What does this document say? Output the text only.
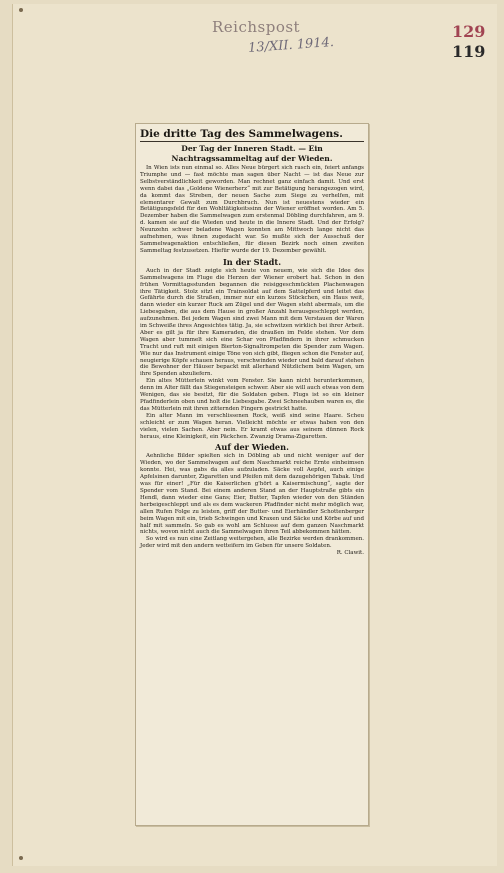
Reichspost
13/XII. 1914.
129
119
Die dritte Tag des Sammelwagens.
Der Tag der Inneren Stadt. — Ein Nachtragssammeltag auf der Wieden.

In Wien ists nun einmal so. Alles Neue bürgert sich rasch ein, feiert anfangs Triumphe und — fast möchte man sagen über Nacht — ist das Neue zur Selbstverständlichkeit geworden. Man rechnet ganz einfach damit. Und erst wenn dabei das „Goldene Wienerherz“ mit zur Betätigung herangezogen wird, da kommt das Streben, der neuen Sache zum Siege zu verhelfen, mit elementarer Gewalt zum Durchbruch. Nun ist neuestens wieder ein Betätigungsfeld für den Wohltätigkeitssinn der Wiener eröffnet worden. Am 5. Dezember haben die Sammelwagen zum erstenmal Döbling durchfahren, am 9. d. kamen sie auf die Wieden und heute in die Innere Stadt. Und der Erfolg? Neunzehn schwer beladene Wagen konnten am Mittwoch lange nicht das aufnehmen, was ihnen zugedacht war. So mußte sich der Ausschuß der Sammelwagenaktion entschließen, für diesen Bezirk noch einen zweiten Sammeltag festzusetzen. Hiefür wurde der 19. Dezember gewählt.

In der Stadt.

Auch in der Stadt zeigte sich heute von neuem, wie sich die Idee des Sammelwagens im Fluge die Herzen der Wiener erobert hat. Schon in den frühen Vormittagsstunden begannen die reisiggeschmückten Plachenwagen ihre Tätigkeit. Stolz sitzt ein Trainsoldat auf dem Sattelpferd und leitet das Gefährte durch die Straßen, immer nur ein kurzes Stückchen, ein Haus weit, dann wieder ein kurzer Ruck am Zügel und der Wagen steht abermals, um die Liebesgaben, die aus dem Hause in großer Anzahl herausgeschleppt werden, aufzunehmen. Bei jedem Wagen sind zwei Mann mit dem Verstauen der Waren im Schweiße ihres Angesichtes tätig. Ja, sie schwitzen wirklich bei ihrer Arbeit. Aber es gilt ja für ihre Kameraden, die draußen im Felde stehen. Vor dem Wagen aber tummelt sich eine Schar von Pfadfindern in ihrer schmucken Tracht und ruft mit einigen Bierton-Signaltrompeten die Spender zum Wagen. Wie nur das Instrument einige Töne von sich gibt, fliegen schon die Fenster auf, neugierige Köpfe schauen heraus, verschwinden wieder und bald darauf stehen die Bewohner der Häuser bepackt mit allerhand Nützlichem beim Wagen, um ihre Spenden abzuliefern.

Ein altes Mütterlein winkt vom Fenster. Sie kann nicht herunterkommen, denn im Alter fällt das Stiegensteigen schwer. Aber sie will auch etwas von dem Wenigen, das sie besitzt, für die Soldaten geben. Flugs ist so ein kleiner Pfadfinderlein oben und holt die Liebesgabe. Zwei Schneehauben waren es, die das Mütterlein mit ihren zitternden Fingern gestrickt hatte.

Ein alter Mann im verschlissenen Rock, weiß sind seine Haare. Scheu schleicht er zum Wagen heran. Vielleicht möchte er etwas haben von den vielen, vielen Sachen. Aber nein. Er kramt etwas aus seinem dünnen Rock heraus, eine Kleinigkeit, ein Päckchen. Zwanzig Drama-Zigaretten.

Auf der Wieden.

Aehnliche Bilder spielten sich in Döbling ab und nicht weniger auf der Wieden, wo der Sammelwagen auf dem Naschmarkt reiche Ernte einheimsen konnte. Hei, was gabs da alles aufzuladen. Säcke voll Aepfel, auch einige Apfelsinen darunter, Zigaretten und Pfeifen mit dem dazugehörigen Tabak. Und was für einer! „Für die Kaiserlichen g'hört a Kaisermischung“, sagte der Spender vom Stand. Bei einem anderen Stand an der Hauptstraße gibts ein Hendl, dann wieder eine Gans; Eier, Butter, Tapfen wieder von den Ständen herbeigeschleppt und als es dem wackeren Pfadfinder nicht mehr möglich war, allen Rufen Folge zu leisten, griff der Butter- und Eierhändler Schottenberger beim Wagen mit ein, trieb Schwingen und Kraxen und Säcke und Körbe auf und half mit sammeln. So gab es wohl am Schlusse auf dem ganzen Naschmarkt nichts, wovon nicht auch die Sammelwagen ihren Teil abbekommen hätten.

So wird es nun eine Zeitlang weitergehen, alle Bezirke werden drankommen. Jeder wird mit den andern wetteifern im Geben für unsere Soldaten.

R. Clawit.
